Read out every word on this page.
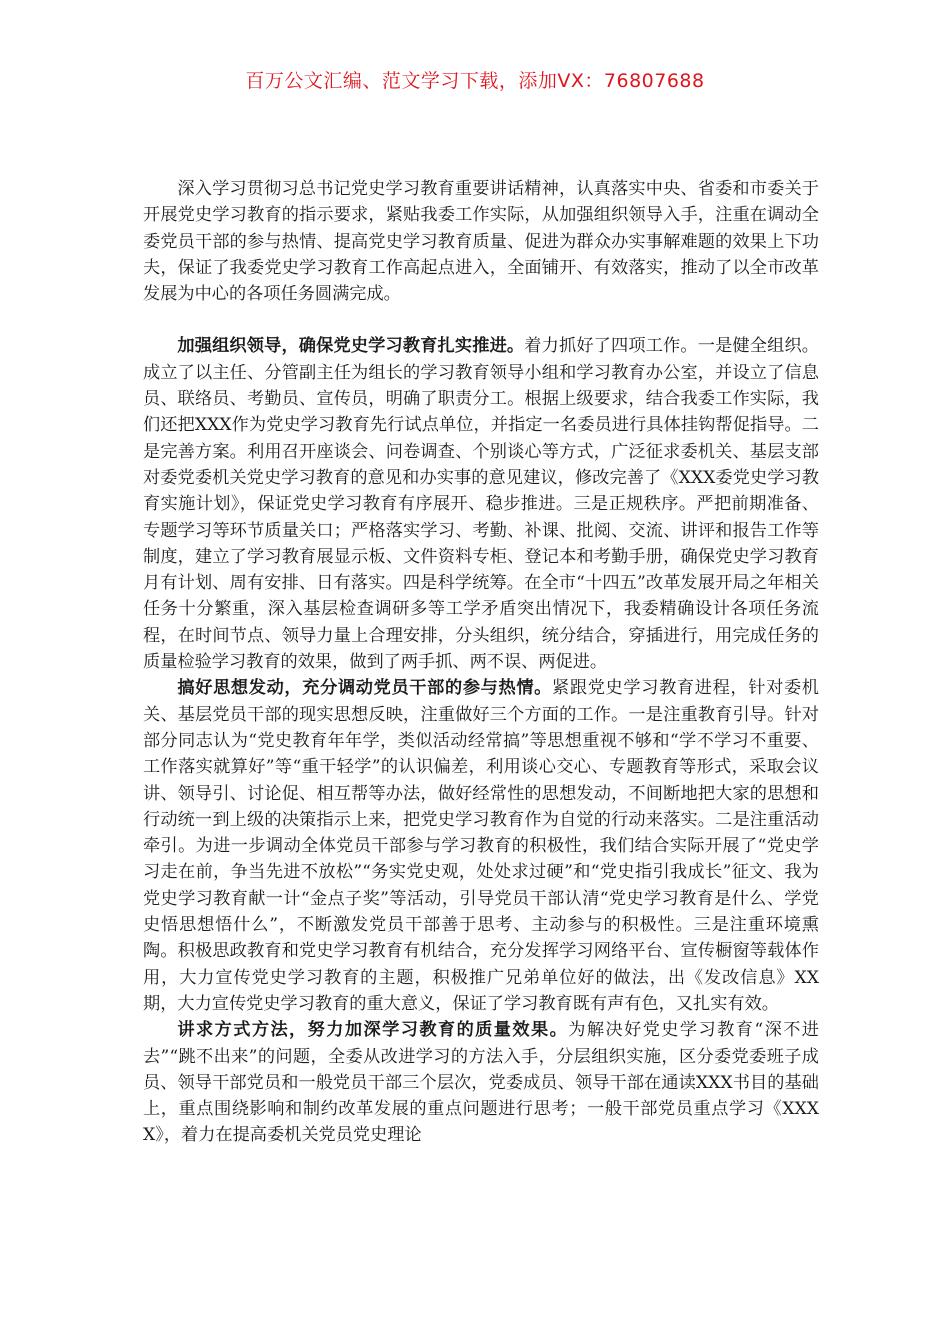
百万公文汇编、范文学习下载，添加VX：76807688

深入学习贯彻习总书记党史学习教育重要讲话精神，认真落实中央、省委和市委关于开展党史学习教育的指示要求，紧贴我委工作实际，从加强组织领导入手，注重在调动全委党员干部的参与热情、提高党史学习教育质量、促进为群众办实事解难题的效果上下功夫，保证了我委党史学习教育工作高起点进入，全面铺开、有效落实，推动了以全市改革发展为中心的各项任务圆满完成。

加强组织领导，确保党史学习教育扎实推进。着力抓好了四项工作。一是健全组织。成立了以主任、分管副主任为组长的学习教育领导小组和学习教育办公室，并设立了信息员、联络员、考勤员、宣传员，明确了职责分工。根据上级要求，结合我委工作实际，我们还把XXX作为党史学习教育先行试点单位，并指定一名委员进行具体挂钩帮促指导。二是完善方案。利用召开座谈会、问卷调查、个别谈心等方式，广泛征求委机关、基层支部对委党委机关党史学习教育的意见和办实事的意见建议，修改完善了《XXX委党史学习教育实施计划》，保证党史学习教育有序展开、稳步推进。三是正规秩序。严把前期准备、专题学习等环节质量关口；严格落实学习、考勤、补课、批阅、交流、讲评和报告工作等制度，建立了学习教育展显示板、文件资料专柜、登记本和考勤手册，确保党史学习教育月有计划、周有安排、日有落实。四是科学统筹。在全市“十四五”改革发展开局之年相关任务十分繁重，深入基层检查调研多等工学矛盾突出情况下，我委精确设计各项任务流程，在时间节点、领导力量上合理安排，分头组织，统分结合，穿插进行，用完成任务的质量检验学习教育的效果，做到了两手抓、两不误、两促进。

搞好思想发动，充分调动党员干部的参与热情。紧跟党史学习教育进程，针对委机关、基层党员干部的现实思想反映，注重做好三个方面的工作。一是注重教育引导。针对部分同志认为“党史教育年年学，类似活动经常搞”等思想重视不够和“学不学习不重要、工作落实就算好”等“重干轻学”的认识偏差，利用谈心交心、专题教育等形式，采取会议讲、领导引、讨论促、相互帮等办法，做好经常性的思想发动，不间断地把大家的思想和行动统一到上级的决策指示上来，把党史学习教育作为自觉的行动来落实。二是注重活动牵引。为进一步调动全体党员干部参与学习教育的积极性，我们结合实际开展了“党史学习走在前，争当先进不放松”“务实党史观，处处求过硬”和“党史指引我成长”征文、我为党史学习教育献一计“金点子奖”等活动，引导党员干部认清“党史学习教育是什么、学党史悟思想悟什么”，不断激发党员干部善于思考、主动参与的积极性。三是注重环境熏陶。积极思政教育和党史学习教育有机结合，充分发挥学习网络平台、宣传橱窗等载体作用，大力宣传党史学习教育的主题，积极推广兄弟单位好的做法，出《发改信息》XX期，大力宣传党史学习教育的重大意义，保证了学习教育既有声有色，又扎实有效。

讲求方式方法，努力加深学习教育的质量效果。为解决好党史学习教育“深不进去”“跳不出来”的问题，全委从改进学习的方法入手，分层组织实施，区分委党委班子成员、领导干部党员和一般党员干部三个层次，党委成员、领导干部在通读XXX书目的基础上，重点围绕影响和制约改革发展的重点问题进行思考；一般干部党员重点学习《XXXX》，着力在提高委机关党员党史理论
